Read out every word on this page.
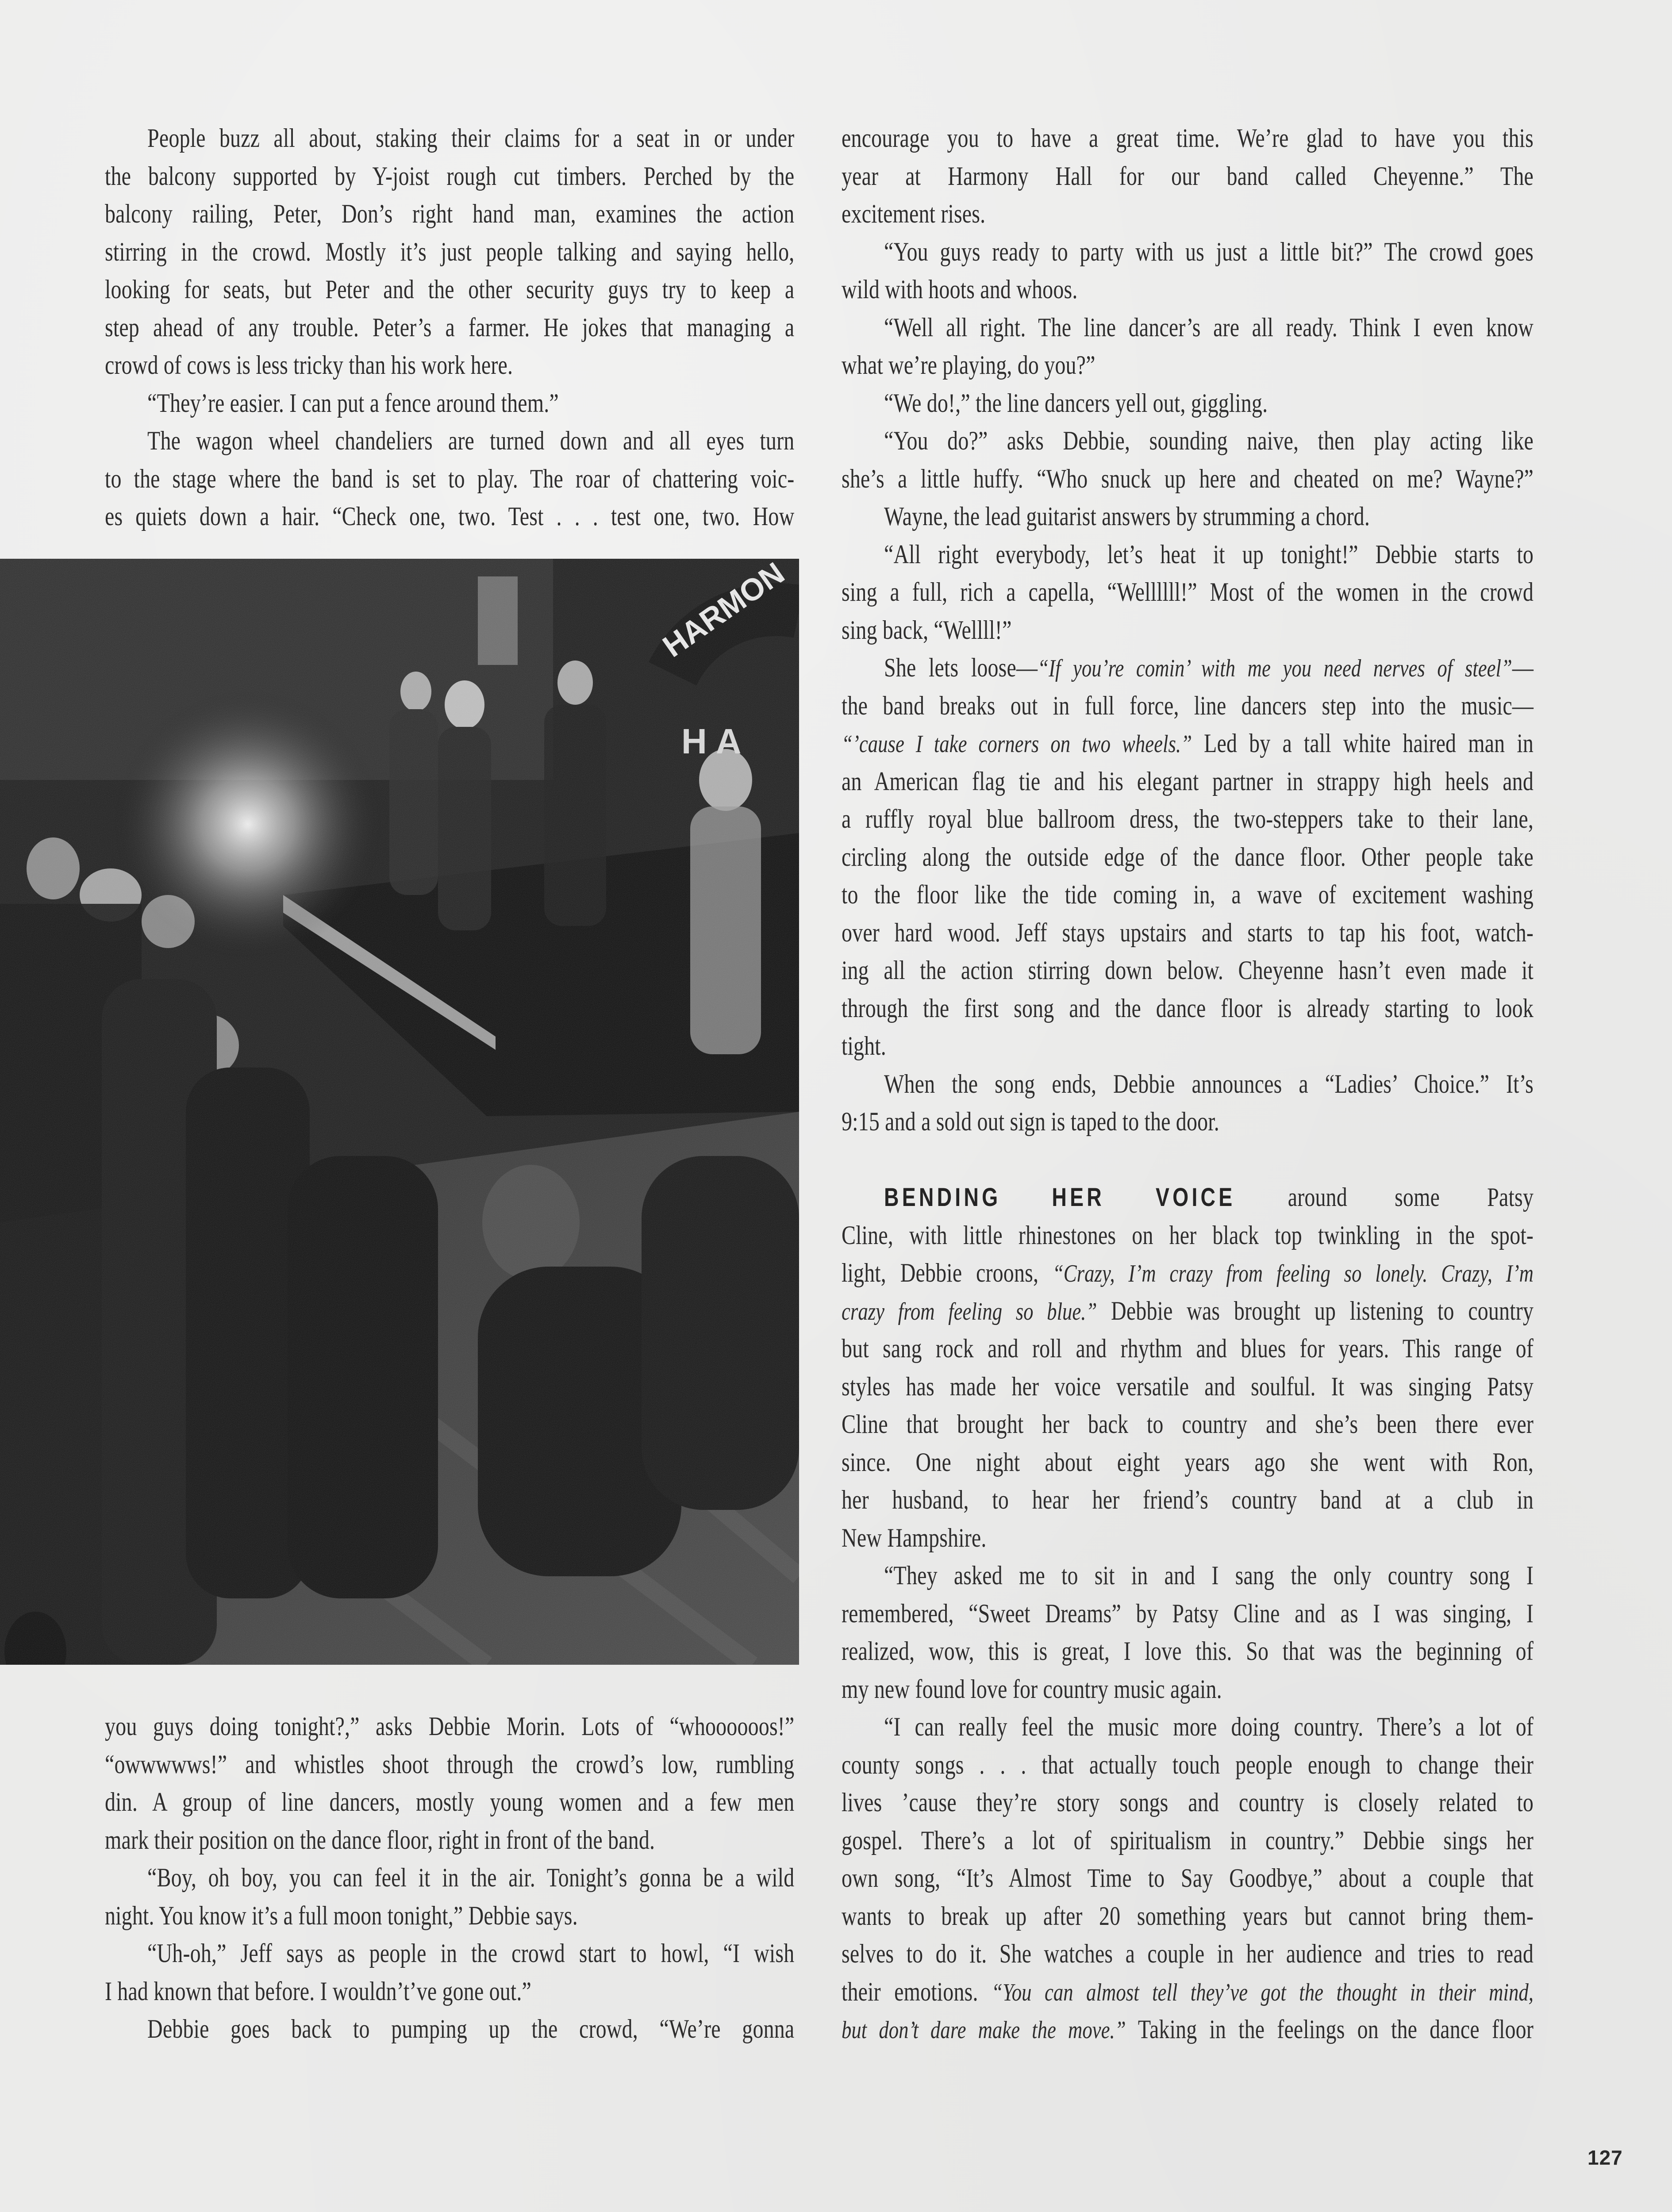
People buzz all about, staking their claims for a seat in or under
the balcony supported by Y-joist rough cut timbers. Perched by the
balcony railing, Peter, Don’s right hand man, examines the action
stirring in the crowd. Mostly it’s just people talking and saying hello,
looking for seats, but Peter and the other security guys try to keep a
step ahead of any trouble. Peter’s a farmer. He jokes that managing a
crowd of cows is less tricky than his work here.
“They’re easier. I can put a fence around them.”
The wagon wheel chandeliers are turned down and all eyes turn
to the stage where the band is set to play. The roar of chattering voic-
es quiets down a hair. “Check one, two. Test . . . test one, two. How
you guys doing tonight?,” asks Debbie Morin. Lots of “whoooooos!”
“owwwwws!” and whistles shoot through the crowd’s low, rumbling
din. A group of line dancers, mostly young women and a few men
mark their position on the dance floor, right in front of the band.
“Boy, oh boy, you can feel it in the air. Tonight’s gonna be a wild
night. You know it’s a full moon tonight,” Debbie says.
“Uh-oh,” Jeff says as people in the crowd start to howl, “I wish
I had known that before. I wouldn’t’ve gone out.”
Debbie goes back to pumping up the crowd, “We’re gonna
encourage you to have a great time. We’re glad to have you this
year at Harmony Hall for our band called Cheyenne.” The
excitement rises.
“You guys ready to party with us just a little bit?” The crowd goes
wild with hoots and whoos.
“Well all right. The line dancer’s are all ready. Think I even know
what we’re playing, do you?”
“We do!,” the line dancers yell out, giggling.
“You do?” asks Debbie, sounding naive, then play acting like
she’s a little huffy. “Who snuck up here and cheated on me? Wayne?”
Wayne, the lead guitarist answers by strumming a chord.
“All right everybody, let’s heat it up tonight!” Debbie starts to
sing a full, rich a capella, “Wellllll!” Most of the women in the crowd
sing back, “Wellll!”
She lets loose—“If you’re comin’ with me you need nerves of steel”—
the band breaks out in full force, line dancers step into the music—
“’cause I take corners on two wheels.” Led by a tall white haired man in
an American flag tie and his elegant partner in strappy high heels and
a ruffly royal blue ballroom dress, the two-steppers take to their lane,
circling along the outside edge of the dance floor. Other people take
to the floor like the tide coming in, a wave of excitement washing
over hard wood. Jeff stays upstairs and starts to tap his foot, watch-
ing all the action stirring down below. Cheyenne hasn’t even made it
through the first song and the dance floor is already starting to look
tight.
When the song ends, Debbie announces a “Ladies’ Choice.” It’s
9:15 and a sold out sign is taped to the door.
BENDING HER VOICE around some Patsy
Cline, with little rhinestones on her black top twinkling in the spot-
light, Debbie croons, “Crazy, I’m crazy from feeling so lonely. Crazy, I’m
crazy from feeling so blue.” Debbie was brought up listening to country
but sang rock and roll and rhythm and blues for years. This range of
styles has made her voice versatile and soulful. It was singing Patsy
Cline that brought her back to country and she’s been there ever
since. One night about eight years ago she went with Ron,
her husband, to hear her friend’s country band at a club in
New Hampshire.
“They asked me to sit in and I sang the only country song I
remembered, “Sweet Dreams” by Patsy Cline and as I was singing, I
realized, wow, this is great, I love this. So that was the beginning of
my new found love for country music again.
“I can really feel the music more doing country. There’s a lot of
county songs . . . that actually touch people enough to change their
lives ’cause they’re story songs and country is closely related to
gospel. There’s a lot of spiritualism in country.” Debbie sings her
own song, “It’s Almost Time to Say Goodbye,” about a couple that
wants to break up after 20 something years but cannot bring them-
selves to do it. She watches a couple in her audience and tries to read
their emotions. “You can almost tell they’ve got the thought in their mind,
but don’t dare make the move.” Taking in the feelings on the dance floor
127
